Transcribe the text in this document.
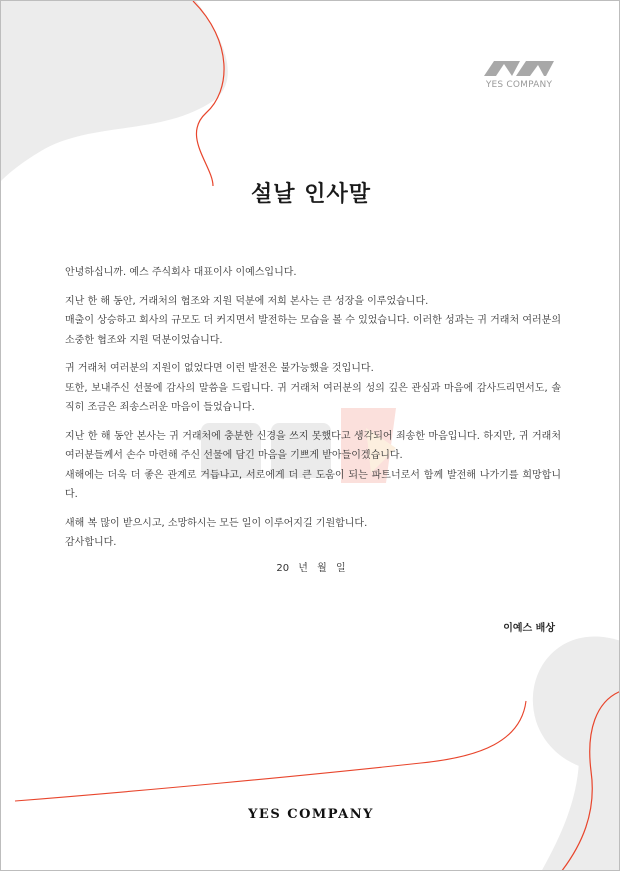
YES COMPANY
설날 인사말

안녕하십니까. 예스 주식회사 대표이사 이예스입니다.

지난 한 해 동안, 거래처의 협조와 지원 덕분에 저희 본사는 큰 성장을 이루었습니다.
매출이 상승하고 회사의 규모도 더 커지면서 발전하는 모습을 볼 수 있었습니다. 이러한 성과는 귀 거래처 여러분의 소중한 협조와 지원 덕분이었습니다.

귀 거래처 여러분의 지원이 없었다면 이런 발전은 불가능했을 것입니다.
또한, 보내주신 선물에 감사의 말씀을 드립니다. 귀 거래처 여러분의 성의 깊은 관심과 마음에 감사드리면서도, 솔직히 조금은 죄송스러운 마음이 들었습니다.

지난 한 해 동안 본사는 귀 거래처에 충분한 신경을 쓰지 못했다고 생각되어 죄송한 마음입니다. 하지만, 귀 거래처 여러분들께서 손수 마련해 주신 선물에 담긴 마음을 기쁘게 받아들이겠습니다.
새해에는 더욱 더 좋은 관계로 거듭나고, 서로에게 더 큰 도움이 되는 파트너로서 함께 발전해 나가기를 희망합니다.

새해 복 많이 받으시고, 소망하시는 모든 일이 이루어지길 기원합니다.
감사합니다.

20 년 월 일
이예스 배상
YES COMPANY
